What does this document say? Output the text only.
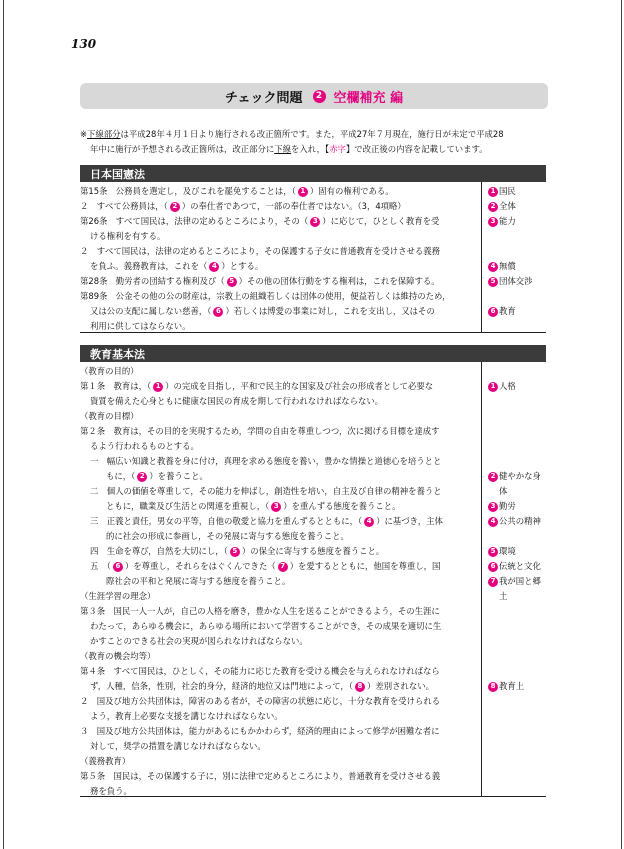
130
チェック問題	2 空欄補充 編
※下線部分は平成28年４月１日より施行される改正箇所です。また，平成27年７月現在，施行日が未定で平成28
年中に施行が予想される改正箇所は，改正部分に下線を入れ，【赤字】で改正後の内容を記載しています。
日本国憲法
第15条　公務員を選定し，及びこれを罷免することは，（ 1 ）固有の権利である。
２　すべて公務員は，（ 2 ）の奉仕者であつて，一部の奉仕者ではない。（3，4項略）
第26条　すべて国民は，法律の定めるところにより，その（ 3 ）に応じて，ひとしく教育を受
ける権利を有する。
２　すべて国民は，法律の定めるところにより，その保護する子女に普通教育を受けさせる義務
を負ふ。義務教育は，これを（ 4 ）とする。
第28条　勤労者の団結する権利及び（ 5 ）その他の団体行動をする権利は，これを保障する。
第89条　公金その他の公の財産は，宗教上の組織若しくは団体の使用，便益若しくは維持のため，
又は公の支配に属しない慈善，（ 6 ）若しくは博愛の事業に対し，これを支出し，又はその
利用に供してはならない。
1 国民
2 全体
3 能力
4 無償
5 団体交渉
6 教育
教育基本法
（教育の目的）
第１条　教育は，（ 1 ）の完成を目指し，平和で民主的な国家及び社会の形成者として必要な
資質を備えた心身ともに健康な国民の育成を期して行われなければならない。
（教育の目標）
第２条　教育は，その目的を実現するため，学問の自由を尊重しつつ，次に掲げる目標を達成す
るよう行われるものとする。
一　幅広い知識と教養を身に付け，真理を求める態度を養い，豊かな情操と道徳心を培うとと
もに，（ 2 ）を養うこと。
二　個人の価値を尊重して，その能力を伸ばし，創造性を培い，自主及び自律の精神を養うと
ともに，職業及び生活との関連を重視し，（ 3 ）を重んずる態度を養うこと。
三　正義と責任，男女の平等，自他の敬愛と協力を重んずるとともに，（ 4 ）に基づき，主体
的に社会の形成に参画し，その発展に寄与する態度を養うこと。
四　生命を尊び，自然を大切にし，（ 5 ）の保全に寄与する態度を養うこと。
五　（ 6 ）を尊重し，それらをはぐくんできた（ 7 ）を愛するとともに，他国を尊重し，国
際社会の平和と発展に寄与する態度を養うこと。
（生涯学習の理念）
第３条　国民一人一人が，自己の人格を磨き，豊かな人生を送ることができるよう，その生涯に
わたって，あらゆる機会に，あらゆる場所において学習することができ，その成果を適切に生
かすことのできる社会の実現が図られなければならない。
（教育の機会均等）
第４条　すべて国民は，ひとしく，その能力に応じた教育を受ける機会を与えられなければなら
ず，人種，信条，性別，社会的身分，経済的地位又は門地によって，（ 8 ）差別されない。
２　国及び地方公共団体は，障害のある者が，その障害の状態に応じ，十分な教育を受けられる
よう，教育上必要な支援を講じなければならない。
３　国及び地方公共団体は，能力があるにもかかわらず，経済的理由によって修学が困難な者に
対して，奨学の措置を講じなければならない。
（義務教育）
第５条　国民は，その保護する子に，別に法律で定めるところにより，普通教育を受けさせる義
務を負う。
1 人格
2 健やかな身
体
3 勤労
4 公共の精神
5 環境
6 伝統と文化
7 我が国と郷
土
8 教育上
